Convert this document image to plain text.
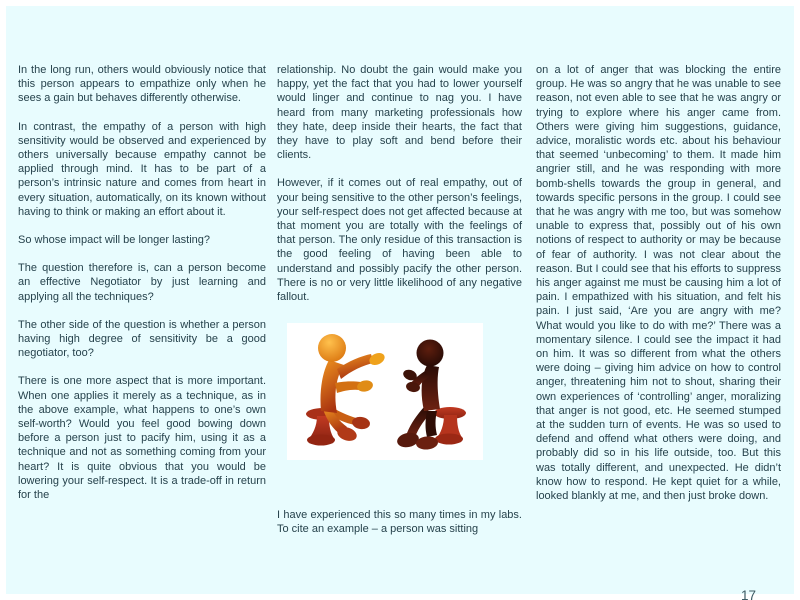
In the long run, others would obviously notice that this person appears to empathize only when he sees a gain but behaves differently otherwise.

In contrast, the empathy of a person with high sensitivity would be observed and experienced by others universally because empathy cannot be applied through mind. It has to be part of a person’s intrinsic nature and comes from heart in every situation, automatically, on its known without having to think or making an effort about it.

So whose impact will be longer lasting?

The question therefore is, can a person become an effective Negotiator by just learning and applying all the techniques?

The other side of the question is whether a person having high degree of sensitivity be a good negotiator, too?

There is one more aspect that is more important. When one applies it merely as a technique, as in the above example, what happens to one’s own self-worth? Would you feel good bowing down before a person just to pacify him, using it as a technique and not as something coming from your heart? It is quite obvious that you would be lowering your self-respect. It is a trade-off in return for the

relationship. No doubt the gain would make you happy, yet the fact that you had to lower yourself would linger and continue to nag you. I have heard from many marketing professionals how they hate, deep inside their hearts, the fact that they have to play soft and bend before their clients.

However, if it comes out of real empathy, out of your being sensitive to the other person’s feelings, your self-respect does not get affected because at that moment you are totally with the feelings of that person. The only residue of this transaction is the good feeling of having been able to understand and possibly pacify the other person. There is no or very little likelihood of any negative fallout.

I have experienced this so many times in my labs. To cite an example – a person was sitting

on a lot of anger that was blocking the entire group. He was so angry that he was unable to see reason, not even able to see that he was angry or trying to explore where his anger came from. Others were giving him suggestions, guidance, advice, moralistic words etc. about his behaviour that seemed ‘unbecoming’ to them. It made him angrier still, and he was responding with more bomb-shells towards the group in general, and towards specific persons in the group. I could see that he was angry with me too, but was somehow unable to express that, possibly out of his own notions of respect to authority or may be because of fear of authority. I was not clear about the reason. But I could see that his efforts to suppress his anger against me must be causing him a lot of pain. I empathized with his situation, and felt his pain. I just said, ‘Are you are angry with me? What would you like to do with me?’ There was a momentary silence. I could see the impact it had on him. It was so different from what the others were doing – giving him advice on how to control anger, threatening him not to shout, sharing their own experiences of ‘controlling’ anger, moralizing that anger is not good, etc. He seemed stumped at the sudden turn of events. He was so used to defend and offend what others were doing, and probably did so in his life outside, too. But this was totally different, and unexpected. He didn’t know how to respond. He kept quiet for a while, looked blankly at me, and then just broke down.

17
